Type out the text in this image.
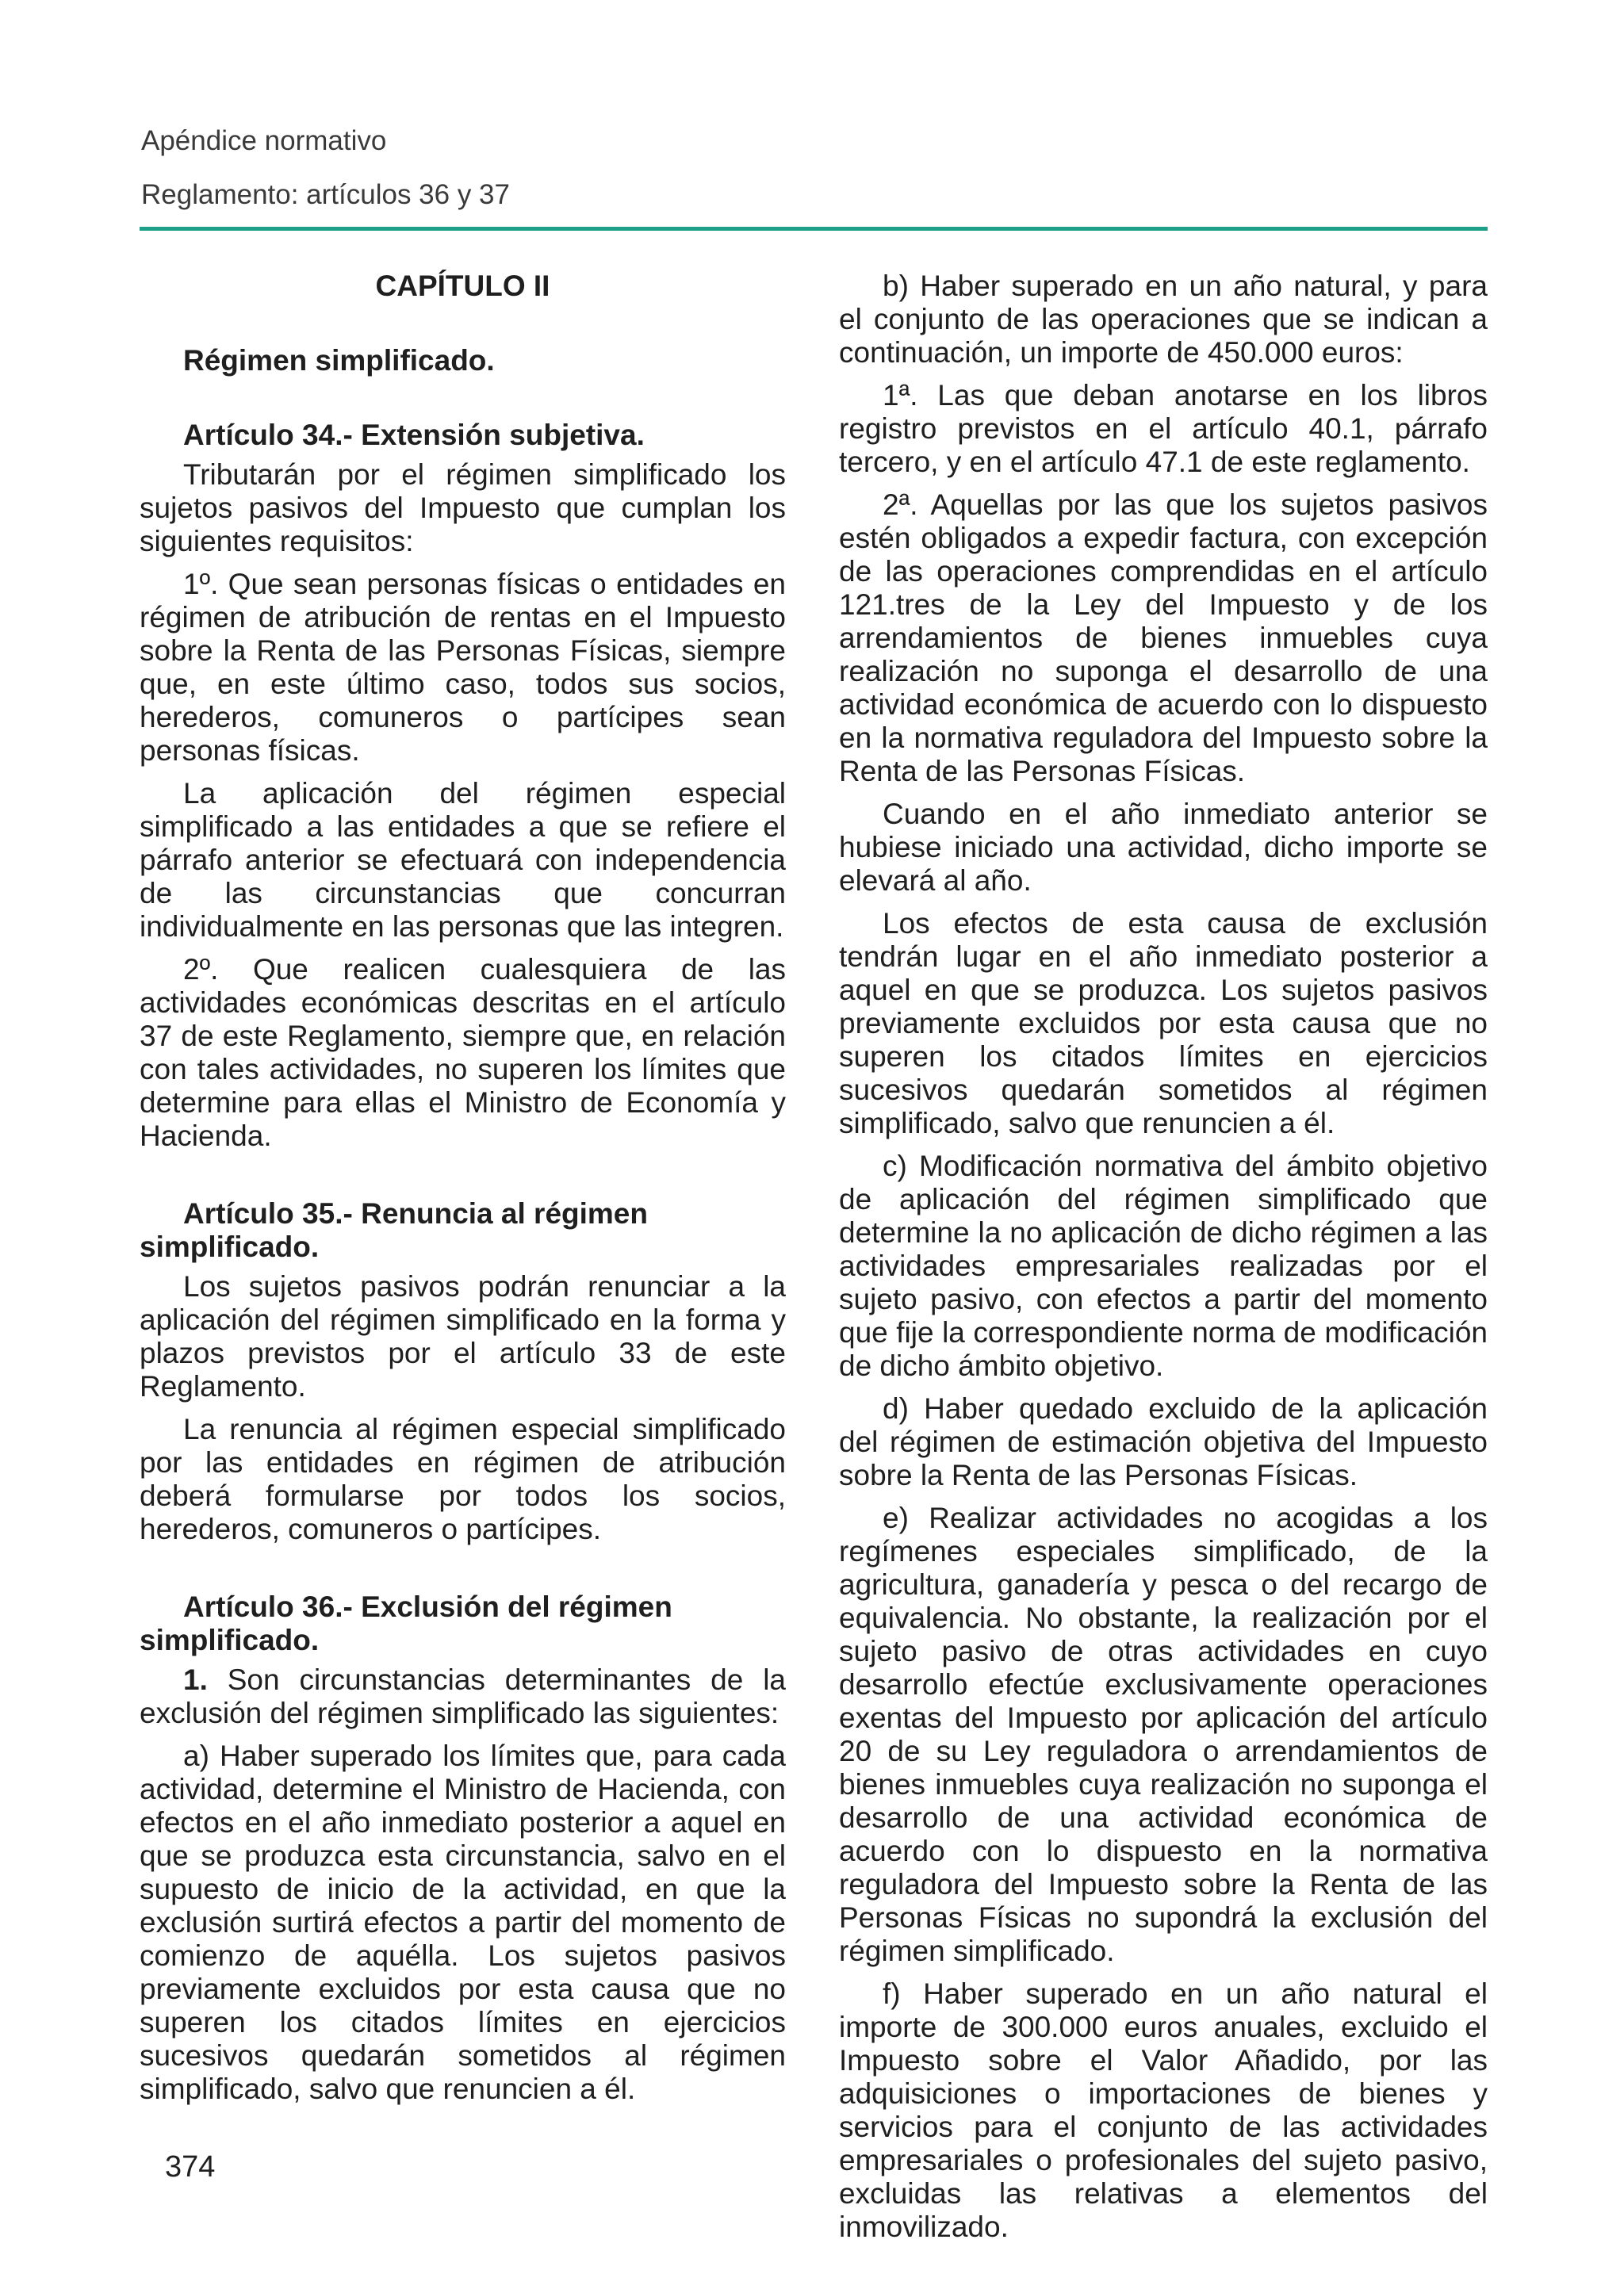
Apéndice normativo
Reglamento: artículos 36 y 37
CAPÍTULO II
Régimen simplificado.
Artículo 34.- Extensión subjetiva.

Tributarán por el régimen simplificado los sujetos pasivos del Impuesto que cumplan los siguientes requisitos:

1º. Que sean personas físicas o entidades en régimen de atribución de rentas en el Impuesto sobre la Renta de las Personas Físicas, siempre que, en este último caso, todos sus socios, herederos, comuneros o partícipes sean personas físicas.

La aplicación del régimen especial simplificado a las entidades a que se refiere el párrafo anterior se efectuará con independencia de las circunstancias que concurran individualmente en las personas que las integren.

2º. Que realicen cualesquiera de las actividades económicas descritas en el artículo 37 de este Reglamento, siempre que, en relación con tales actividades, no superen los límites que determine para ellas el Ministro de Economía y Hacienda.

Artículo 35.- Renuncia al régimen simplificado.

Los sujetos pasivos podrán renunciar a la aplicación del régimen simplificado en la forma y plazos previstos por el artículo 33 de este Reglamento.

La renuncia al régimen especial simplificado por las entidades en régimen de atribución deberá formularse por todos los socios, herederos, comuneros o partícipes.

Artículo 36.- Exclusión del régimen simplificado.

1. Son circunstancias determinantes de la exclusión del régimen simplificado las siguientes:

a) Haber superado los límites que, para cada actividad, determine el Ministro de Hacienda, con efectos en el año inmediato posterior a aquel en que se produzca esta circunstancia, salvo en el supuesto de inicio de la actividad, en que la exclusión surtirá efectos a partir del momento de comienzo de aquélla. Los sujetos pasivos previamente excluidos por esta causa que no superen los citados límites en ejercicios sucesivos quedarán sometidos al régimen simplificado, salvo que renuncien a él.

b) Haber superado en un año natural, y para el conjunto de las operaciones que se indican a continuación, un importe de 450.000 euros:

1ª. Las que deban anotarse en los libros registro previstos en el artículo 40.1, párrafo tercero, y en el artículo 47.1 de este reglamento.

2ª. Aquellas por las que los sujetos pasivos estén obligados a expedir factura, con excepción de las operaciones comprendidas en el artículo 121.tres de la Ley del Impuesto y de los arrendamientos de bienes inmuebles cuya realización no suponga el desarrollo de una actividad económica de acuerdo con lo dispuesto en la normativa reguladora del Impuesto sobre la Renta de las Personas Físicas.

Cuando en el año inmediato anterior se hubiese iniciado una actividad, dicho importe se elevará al año.

Los efectos de esta causa de exclusión tendrán lugar en el año inmediato posterior a aquel en que se produzca. Los sujetos pasivos previamente excluidos por esta causa que no superen los citados límites en ejercicios sucesivos quedarán sometidos al régimen simplificado, salvo que renuncien a él.

c) Modificación normativa del ámbito objetivo de aplicación del régimen simplificado que determine la no aplicación de dicho régimen a las actividades empresariales realizadas por el sujeto pasivo, con efectos a partir del momento que fije la correspondiente norma de modificación de dicho ámbito objetivo.

d) Haber quedado excluido de la aplicación del régimen de estimación objetiva del Impuesto sobre la Renta de las Personas Físicas.

e) Realizar actividades no acogidas a los regímenes especiales simplificado, de la agricultura, ganadería y pesca o del recargo de equivalencia. No obstante, la realización por el sujeto pasivo de otras actividades en cuyo desarrollo efectúe exclusivamente operaciones exentas del Impuesto por aplicación del artículo 20 de su Ley reguladora o arrendamientos de bienes inmuebles cuya realización no suponga el desarrollo de una actividad económica de acuerdo con lo dispuesto en la normativa reguladora del Impuesto sobre la Renta de las Personas Físicas no supondrá la exclusión del régimen simplificado.

f) Haber superado en un año natural el importe de 300.000 euros anuales, excluido el Impuesto sobre el Valor Añadido, por las adquisiciones o importaciones de bienes y servicios para el conjunto de las actividades empresariales o profesionales del sujeto pasivo, excluidas las relativas a elementos del inmovilizado.

374
